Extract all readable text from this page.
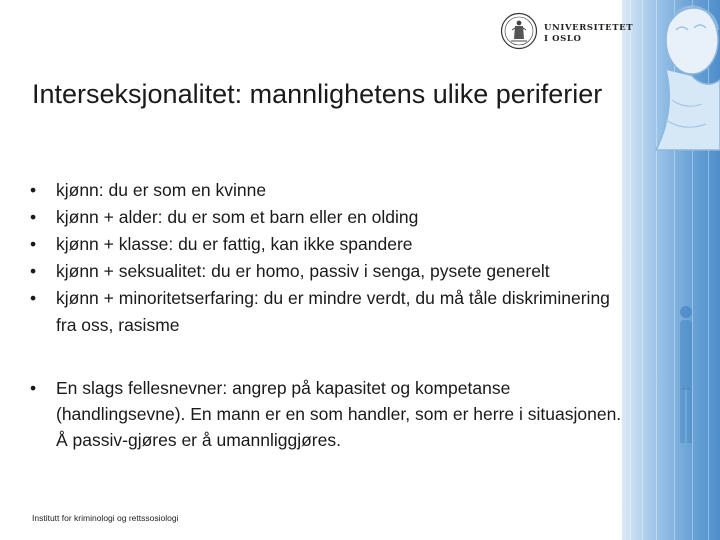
UNIVERSITETET
I OSLO
Interseksjonalitet: mannlighetens ulike periferier
• kjønn: du er som en kvinne
• kjønn + alder: du er som et barn eller en olding
• kjønn + klasse: du er fattig, kan ikke spandere
• kjønn + seksualitet: du er homo, passiv i senga, pysete generelt
• kjønn + minoritetserfaring: du er mindre verdt, du må tåle diskriminering fra oss, rasisme
• En slags fellesnevner: angrep på kapasitet og kompetanse (handlingsevne). En mann er en som handler, som er herre i situasjonen. Å passiv-gjøres er å umannliggjøres.
Institutt for kriminologi og rettssosiologi
